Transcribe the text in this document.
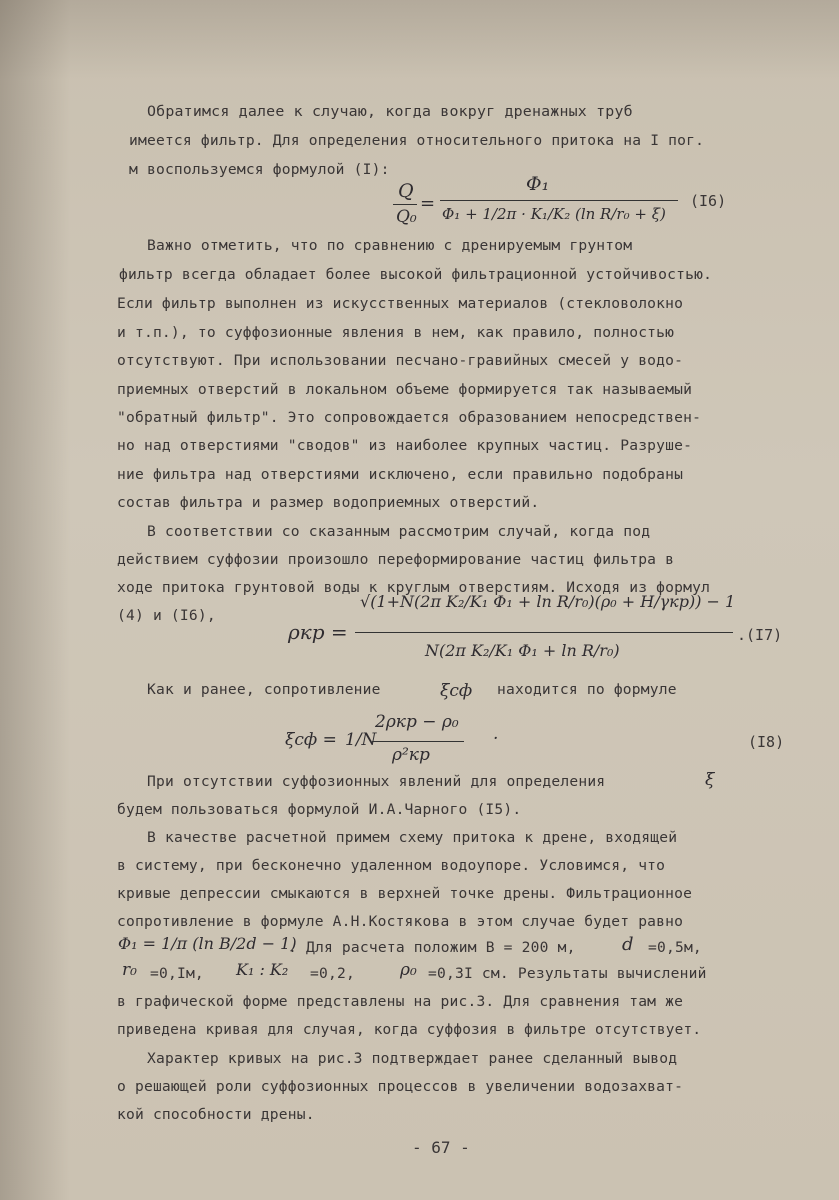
Обратимся далее к случаю, когда вокруг дренажных труб
имеется фильтр. Для определения относительного притока на I пог.
м воспользуемся формулой (I):
Q
Q₀
=
Φ₁
Φ₁ + 1/2π · K₁/K₂ (ln R/r₀ + ξ)
(I6)
Важно отметить, что по сравнению с дренируемым грунтом
фильтр всегда обладает более высокой фильтрационной устойчивостью.
Если фильтр выполнен из искусственных материалов (стекловолокно
и т.п.), то суффозионные явления в нем, как правило, полностью
отсутствуют. При использовании песчано-гравийных смесей у водо-
приемных отверстий в локальном объеме формируется так называемый
"обратный фильтр". Это сопровождается образованием непосредствен-
но над отверстиями "сводов" из наиболее крупных частиц. Разруше-
ние фильтра над отверстиями исключено, если правильно подобраны
состав фильтра и размер водоприемных отверстий.
В соответствии со сказанным рассмотрим случай, когда под
действием суффозии произошло переформирование частиц фильтра в
ходе притока грунтовой воды к круглым отверстиям. Исходя из формул
(4) и (I6),
ρкр =
√(1+N(2π K₂/K₁ Φ₁ + ln R/r₀)(ρ₀ + H/γкр)) − 1
N(2π K₂/K₁ Φ₁ + ln R/r₀)
.(I7)
Как и ранее, сопротивление	ξсф находится по формуле
ξсф = 1/N
2ρкр − ρ₀
ρ²кр
.	(I8)
При отсутствии суффозионных явлений для определения	ξ
будем пользоваться формулой И.А.Чарного (I5).
В качестве расчетной примем схему притока к дрене, входящей
в систему, при бесконечно удаленном водоупоре. Условимся, что
кривые депрессии смыкаются в верхней точке дрены. Фильтрационное
сопротивление в формуле А.Н.Костякова в этом случае будет равно
Φ₁ = 1/π (ln B/2d − 1)
. Для расчета положим B = 200 м,	d =0,5м,
r₀ =0,Iм, K₁ : K₂ =0,2,	ρ₀ =0,3I см. Результаты вычислений
в графической форме представлены на рис.3. Для сравнения там же
приведена кривая для случая, когда суффозия в фильтре отсутствует.
Характер кривых на рис.3 подтверждает ранее сделанный вывод
о решающей роли суффозионных процессов в увеличении водозахват-
кой способности дрены.
- 67 -
